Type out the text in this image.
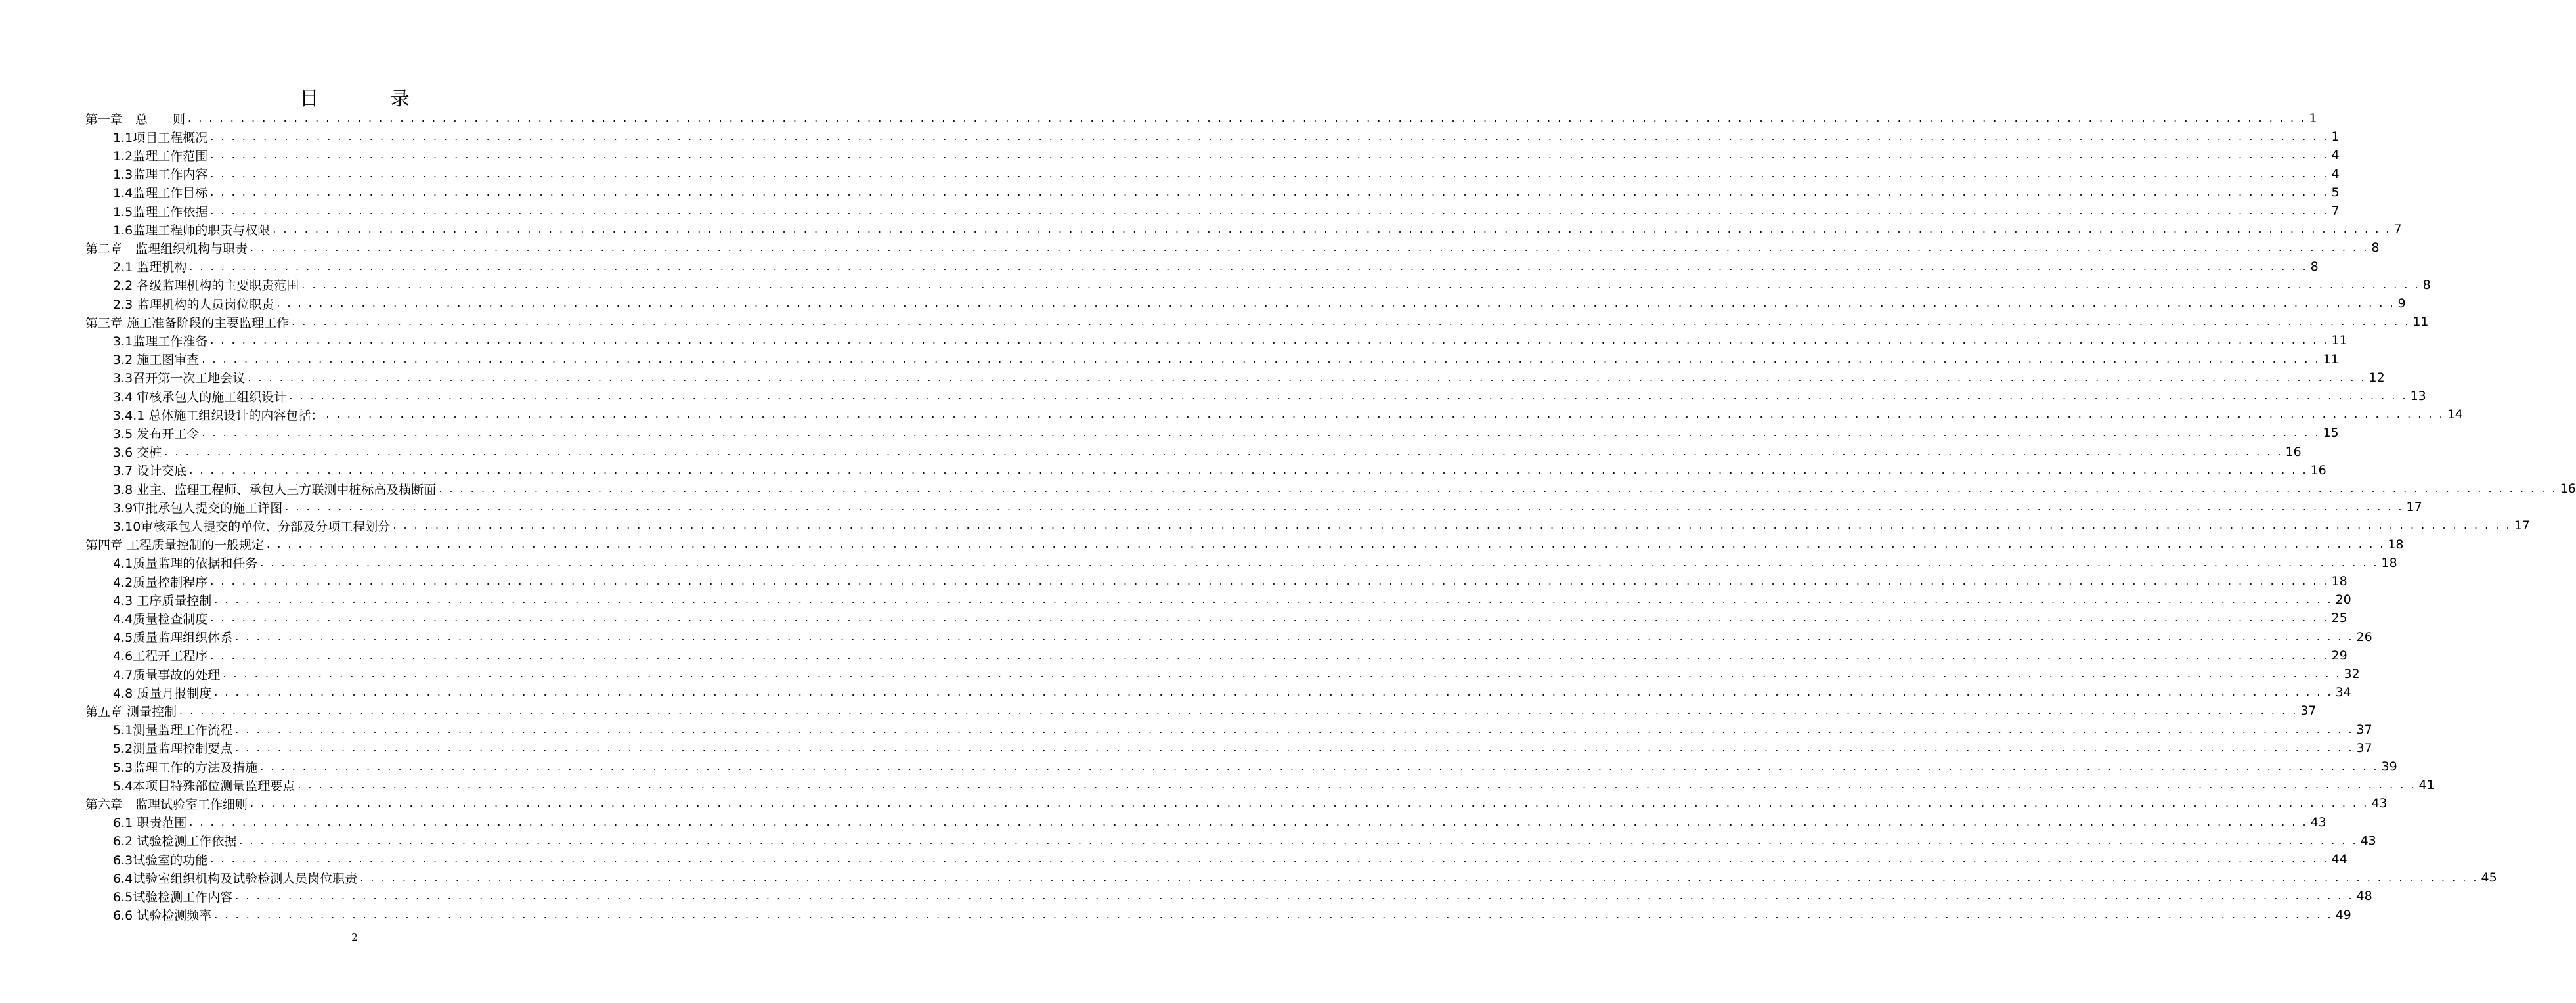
目 录
第一章　总　　则 . . . . . . . . . . . . . . . . . . . . . . . . . . . . . . . . . . . . . . . . . . . . . . . . . . . . . . . . . . . . . . . . . . . . . . . . . . . . . . . . . . . . . . . . . . . . . . . . . . . . . . . . . . . . . . . . . . . . . . . . . . . . . . . . . . . . . . . . . . . . . . . . . . . . . . . . . . . . . . . . . . . . . . . . . . . . . . . . . . . . . . . . . . . . . . . . . . . . . . . . 1
1.1项目工程概况 . . . . . . . . . . . . . . . . . . . . . . . . . . . . . . . . . . . . . . . . . . . . . . . . . . . . . . . . . . . . . . . . . . . . . . . . . . . . . . . . . . . . . . . . . . . . . . . . . . . . . . . . . . . . . . . . . . . . . . . . . . . . . . . . . . . . . . . . . . . . . . . . . . . . . . . . . . . . . . . . . . . . . . . . . . . . . . . . . . . . . . . . . . . . . . . . . . . . . . . . 1
1.2监理工作范围 . . . . . . . . . . . . . . . . . . . . . . . . . . . . . . . . . . . . . . . . . . . . . . . . . . . . . . . . . . . . . . . . . . . . . . . . . . . . . . . . . . . . . . . . . . . . . . . . . . . . . . . . . . . . . . . . . . . . . . . . . . . . . . . . . . . . . . . . . . . . . . . . . . . . . . . . . . . . . . . . . . . . . . . . . . . . . . . . . . . . . . . . . . . . . . . . . . . . . . . . 4
1.3监理工作内容 . . . . . . . . . . . . . . . . . . . . . . . . . . . . . . . . . . . . . . . . . . . . . . . . . . . . . . . . . . . . . . . . . . . . . . . . . . . . . . . . . . . . . . . . . . . . . . . . . . . . . . . . . . . . . . . . . . . . . . . . . . . . . . . . . . . . . . . . . . . . . . . . . . . . . . . . . . . . . . . . . . . . . . . . . . . . . . . . . . . . . . . . . . . . . . . . . . . . . . . . 4
1.4监理工作目标 . . . . . . . . . . . . . . . . . . . . . . . . . . . . . . . . . . . . . . . . . . . . . . . . . . . . . . . . . . . . . . . . . . . . . . . . . . . . . . . . . . . . . . . . . . . . . . . . . . . . . . . . . . . . . . . . . . . . . . . . . . . . . . . . . . . . . . . . . . . . . . . . . . . . . . . . . . . . . . . . . . . . . . . . . . . . . . . . . . . . . . . . . . . . . . . . . . . . . . . . 5
1.5监理工作依据 . . . . . . . . . . . . . . . . . . . . . . . . . . . . . . . . . . . . . . . . . . . . . . . . . . . . . . . . . . . . . . . . . . . . . . . . . . . . . . . . . . . . . . . . . . . . . . . . . . . . . . . . . . . . . . . . . . . . . . . . . . . . . . . . . . . . . . . . . . . . . . . . . . . . . . . . . . . . . . . . . . . . . . . . . . . . . . . . . . . . . . . . . . . . . . . . . . . . . . . . 7
1.6监理工程师的职责与权限 . . . . . . . . . . . . . . . . . . . . . . . . . . . . . . . . . . . . . . . . . . . . . . . . . . . . . . . . . . . . . . . . . . . . . . . . . . . . . . . . . . . . . . . . . . . . . . . . . . . . . . . . . . . . . . . . . . . . . . . . . . . . . . . . . . . . . . . . . . . . . . . . . . . . . . . . . . . . . . . . . . . . . . . . . . . . . . . . . . . . . . . . . . . . . . . . . . . . . . . . 7
第二章　监理组织机构与职责 . . . . . . . . . . . . . . . . . . . . . . . . . . . . . . . . . . . . . . . . . . . . . . . . . . . . . . . . . . . . . . . . . . . . . . . . . . . . . . . . . . . . . . . . . . . . . . . . . . . . . . . . . . . . . . . . . . . . . . . . . . . . . . . . . . . . . . . . . . . . . . . . . . . . . . . . . . . . . . . . . . . . . . . . . . . . . . . . . . . . . . . . . . . . . . . . . . . . . . . . 8
2.1 监理机构 . . . . . . . . . . . . . . . . . . . . . . . . . . . . . . . . . . . . . . . . . . . . . . . . . . . . . . . . . . . . . . . . . . . . . . . . . . . . . . . . . . . . . . . . . . . . . . . . . . . . . . . . . . . . . . . . . . . . . . . . . . . . . . . . . . . . . . . . . . . . . . . . . . . . . . . . . . . . . . . . . . . . . . . . . . . . . . . . . . . . . . . . . . . . . . . . . . . . . . . . 8
2.2 各级监理机构的主要职责范围 . . . . . . . . . . . . . . . . . . . . . . . . . . . . . . . . . . . . . . . . . . . . . . . . . . . . . . . . . . . . . . . . . . . . . . . . . . . . . . . . . . . . . . . . . . . . . . . . . . . . . . . . . . . . . . . . . . . . . . . . . . . . . . . . . . . . . . . . . . . . . . . . . . . . . . . . . . . . . . . . . . . . . . . . . . . . . . . . . . . . . . . . . . . . . . . . . . . . . . . . 8
2.3 监理机构的人员岗位职责 . . . . . . . . . . . . . . . . . . . . . . . . . . . . . . . . . . . . . . . . . . . . . . . . . . . . . . . . . . . . . . . . . . . . . . . . . . . . . . . . . . . . . . . . . . . . . . . . . . . . . . . . . . . . . . . . . . . . . . . . . . . . . . . . . . . . . . . . . . . . . . . . . . . . . . . . . . . . . . . . . . . . . . . . . . . . . . . . . . . . . . . . . . . . . . . . . . . . . . . . 9
第三章 施工准备阶段的主要监理工作 . . . . . . . . . . . . . . . . . . . . . . . . . . . . . . . . . . . . . . . . . . . . . . . . . . . . . . . . . . . . . . . . . . . . . . . . . . . . . . . . . . . . . . . . . . . . . . . . . . . . . . . . . . . . . . . . . . . . . . . . . . . . . . . . . . . . . . . . . . . . . . . . . . . . . . . . . . . . . . . . . . . . . . . . . . . . . . . . . . . . . . . . . . . . . . . . . . . . . . . . 11
3.1监理工作准备 . . . . . . . . . . . . . . . . . . . . . . . . . . . . . . . . . . . . . . . . . . . . . . . . . . . . . . . . . . . . . . . . . . . . . . . . . . . . . . . . . . . . . . . . . . . . . . . . . . . . . . . . . . . . . . . . . . . . . . . . . . . . . . . . . . . . . . . . . . . . . . . . . . . . . . . . . . . . . . . . . . . . . . . . . . . . . . . . . . . . . . . . . . . . . . . . . . . . . . . . 11
3.2 施工图审查 . . . . . . . . . . . . . . . . . . . . . . . . . . . . . . . . . . . . . . . . . . . . . . . . . . . . . . . . . . . . . . . . . . . . . . . . . . . . . . . . . . . . . . . . . . . . . . . . . . . . . . . . . . . . . . . . . . . . . . . . . . . . . . . . . . . . . . . . . . . . . . . . . . . . . . . . . . . . . . . . . . . . . . . . . . . . . . . . . . . . . . . . . . . . . . . . . . . . . . . . 11
3.3召开第一次工地会议 . . . . . . . . . . . . . . . . . . . . . . . . . . . . . . . . . . . . . . . . . . . . . . . . . . . . . . . . . . . . . . . . . . . . . . . . . . . . . . . . . . . . . . . . . . . . . . . . . . . . . . . . . . . . . . . . . . . . . . . . . . . . . . . . . . . . . . . . . . . . . . . . . . . . . . . . . . . . . . . . . . . . . . . . . . . . . . . . . . . . . . . . . . . . . . . . . . . . . . . . 12
3.4 审核承包人的施工组织设计 . . . . . . . . . . . . . . . . . . . . . . . . . . . . . . . . . . . . . . . . . . . . . . . . . . . . . . . . . . . . . . . . . . . . . . . . . . . . . . . . . . . . . . . . . . . . . . . . . . . . . . . . . . . . . . . . . . . . . . . . . . . . . . . . . . . . . . . . . . . . . . . . . . . . . . . . . . . . . . . . . . . . . . . . . . . . . . . . . . . . . . . . . . . . . . . . . . . . . . . . 13
3.4.1 总体施工组织设计的内容包括： . . . . . . . . . . . . . . . . . . . . . . . . . . . . . . . . . . . . . . . . . . . . . . . . . . . . . . . . . . . . . . . . . . . . . . . . . . . . . . . . . . . . . . . . . . . . . . . . . . . . . . . . . . . . . . . . . . . . . . . . . . . . . . . . . . . . . . . . . . . . . . . . . . . . . . . . . . . . . . . . . . . . . . . . . . . . . . . . . . . . . . . . . . . . . . . . . . . . . . . . 14
3.5 发布开工令 . . . . . . . . . . . . . . . . . . . . . . . . . . . . . . . . . . . . . . . . . . . . . . . . . . . . . . . . . . . . . . . . . . . . . . . . . . . . . . . . . . . . . . . . . . . . . . . . . . . . . . . . . . . . . . . . . . . . . . . . . . . . . . . . . . . . . . . . . . . . . . . . . . . . . . . . . . . . . . . . . . . . . . . . . . . . . . . . . . . . . . . . . . . . . . . . . . . . . . . . 15
3.6 交桩 . . . . . . . . . . . . . . . . . . . . . . . . . . . . . . . . . . . . . . . . . . . . . . . . . . . . . . . . . . . . . . . . . . . . . . . . . . . . . . . . . . . . . . . . . . . . . . . . . . . . . . . . . . . . . . . . . . . . . . . . . . . . . . . . . . . . . . . . . . . . . . . . . . . . . . . . . . . . . . . . . . . . . . . . . . . . . . . . . . . . . . . . . . . . . . . . . . . . . . . . 16
3.7 设计交底 . . . . . . . . . . . . . . . . . . . . . . . . . . . . . . . . . . . . . . . . . . . . . . . . . . . . . . . . . . . . . . . . . . . . . . . . . . . . . . . . . . . . . . . . . . . . . . . . . . . . . . . . . . . . . . . . . . . . . . . . . . . . . . . . . . . . . . . . . . . . . . . . . . . . . . . . . . . . . . . . . . . . . . . . . . . . . . . . . . . . . . . . . . . . . . . . . . . . . . . . 16
3.8 业主、监理工程师、承包人三方联测中桩标高及横断面 . . . . . . . . . . . . . . . . . . . . . . . . . . . . . . . . . . . . . . . . . . . . . . . . . . . . . . . . . . . . . . . . . . . . . . . . . . . . . . . . . . . . . . . . . . . . . . . . . . . . . . . . . . . . . . . . . . . . . . . . . . . . . . . . . . . . . . . . . . . . . . . . . . . . . . . . . . . . . . . . . . . . . . . . . . . . . . . . . . . . . . . . . . . . . . . . . . . . . . . . 16
3.9审批承包人提交的施工详图 . . . . . . . . . . . . . . . . . . . . . . . . . . . . . . . . . . . . . . . . . . . . . . . . . . . . . . . . . . . . . . . . . . . . . . . . . . . . . . . . . . . . . . . . . . . . . . . . . . . . . . . . . . . . . . . . . . . . . . . . . . . . . . . . . . . . . . . . . . . . . . . . . . . . . . . . . . . . . . . . . . . . . . . . . . . . . . . . . . . . . . . . . . . . . . . . . . . . . . . . 17
3.10审核承包人提交的单位、分部及分项工程划分 . . . . . . . . . . . . . . . . . . . . . . . . . . . . . . . . . . . . . . . . . . . . . . . . . . . . . . . . . . . . . . . . . . . . . . . . . . . . . . . . . . . . . . . . . . . . . . . . . . . . . . . . . . . . . . . . . . . . . . . . . . . . . . . . . . . . . . . . . . . . . . . . . . . . . . . . . . . . . . . . . . . . . . . . . . . . . . . . . . . . . . . . . . . . . . . . . . . . . . . . 17
第四章 工程质量控制的一般规定 . . . . . . . . . . . . . . . . . . . . . . . . . . . . . . . . . . . . . . . . . . . . . . . . . . . . . . . . . . . . . . . . . . . . . . . . . . . . . . . . . . . . . . . . . . . . . . . . . . . . . . . . . . . . . . . . . . . . . . . . . . . . . . . . . . . . . . . . . . . . . . . . . . . . . . . . . . . . . . . . . . . . . . . . . . . . . . . . . . . . . . . . . . . . . . . . . . . . . . . . 18
4.1质量监理的依据和任务 . . . . . . . . . . . . . . . . . . . . . . . . . . . . . . . . . . . . . . . . . . . . . . . . . . . . . . . . . . . . . . . . . . . . . . . . . . . . . . . . . . . . . . . . . . . . . . . . . . . . . . . . . . . . . . . . . . . . . . . . . . . . . . . . . . . . . . . . . . . . . . . . . . . . . . . . . . . . . . . . . . . . . . . . . . . . . . . . . . . . . . . . . . . . . . . . . . . . . . . . 18
4.2质量控制程序 . . . . . . . . . . . . . . . . . . . . . . . . . . . . . . . . . . . . . . . . . . . . . . . . . . . . . . . . . . . . . . . . . . . . . . . . . . . . . . . . . . . . . . . . . . . . . . . . . . . . . . . . . . . . . . . . . . . . . . . . . . . . . . . . . . . . . . . . . . . . . . . . . . . . . . . . . . . . . . . . . . . . . . . . . . . . . . . . . . . . . . . . . . . . . . . . . . . . . . . . 18
4.3 工序质量控制 . . . . . . . . . . . . . . . . . . . . . . . . . . . . . . . . . . . . . . . . . . . . . . . . . . . . . . . . . . . . . . . . . . . . . . . . . . . . . . . . . . . . . . . . . . . . . . . . . . . . . . . . . . . . . . . . . . . . . . . . . . . . . . . . . . . . . . . . . . . . . . . . . . . . . . . . . . . . . . . . . . . . . . . . . . . . . . . . . . . . . . . . . . . . . . . . . . . . . . . . 20
4.4质量检查制度 . . . . . . . . . . . . . . . . . . . . . . . . . . . . . . . . . . . . . . . . . . . . . . . . . . . . . . . . . . . . . . . . . . . . . . . . . . . . . . . . . . . . . . . . . . . . . . . . . . . . . . . . . . . . . . . . . . . . . . . . . . . . . . . . . . . . . . . . . . . . . . . . . . . . . . . . . . . . . . . . . . . . . . . . . . . . . . . . . . . . . . . . . . . . . . . . . . . . . . . . 25
4.5质量监理组织体系 . . . . . . . . . . . . . . . . . . . . . . . . . . . . . . . . . . . . . . . . . . . . . . . . . . . . . . . . . . . . . . . . . . . . . . . . . . . . . . . . . . . . . . . . . . . . . . . . . . . . . . . . . . . . . . . . . . . . . . . . . . . . . . . . . . . . . . . . . . . . . . . . . . . . . . . . . . . . . . . . . . . . . . . . . . . . . . . . . . . . . . . . . . . . . . . . . . . . . . . . 26
4.6工程开工程序 . . . . . . . . . . . . . . . . . . . . . . . . . . . . . . . . . . . . . . . . . . . . . . . . . . . . . . . . . . . . . . . . . . . . . . . . . . . . . . . . . . . . . . . . . . . . . . . . . . . . . . . . . . . . . . . . . . . . . . . . . . . . . . . . . . . . . . . . . . . . . . . . . . . . . . . . . . . . . . . . . . . . . . . . . . . . . . . . . . . . . . . . . . . . . . . . . . . . . . . . 29
4.7质量事故的处理 . . . . . . . . . . . . . . . . . . . . . . . . . . . . . . . . . . . . . . . . . . . . . . . . . . . . . . . . . . . . . . . . . . . . . . . . . . . . . . . . . . . . . . . . . . . . . . . . . . . . . . . . . . . . . . . . . . . . . . . . . . . . . . . . . . . . . . . . . . . . . . . . . . . . . . . . . . . . . . . . . . . . . . . . . . . . . . . . . . . . . . . . . . . . . . . . . . . . . . . . 32
4.8 质量月报制度 . . . . . . . . . . . . . . . . . . . . . . . . . . . . . . . . . . . . . . . . . . . . . . . . . . . . . . . . . . . . . . . . . . . . . . . . . . . . . . . . . . . . . . . . . . . . . . . . . . . . . . . . . . . . . . . . . . . . . . . . . . . . . . . . . . . . . . . . . . . . . . . . . . . . . . . . . . . . . . . . . . . . . . . . . . . . . . . . . . . . . . . . . . . . . . . . . . . . . . . . 34
第五章 测量控制 . . . . . . . . . . . . . . . . . . . . . . . . . . . . . . . . . . . . . . . . . . . . . . . . . . . . . . . . . . . . . . . . . . . . . . . . . . . . . . . . . . . . . . . . . . . . . . . . . . . . . . . . . . . . . . . . . . . . . . . . . . . . . . . . . . . . . . . . . . . . . . . . . . . . . . . . . . . . . . . . . . . . . . . . . . . . . . . . . . . . . . . . . . . . . . . . . . . . . . . . 37
5.1测量监理工作流程 . . . . . . . . . . . . . . . . . . . . . . . . . . . . . . . . . . . . . . . . . . . . . . . . . . . . . . . . . . . . . . . . . . . . . . . . . . . . . . . . . . . . . . . . . . . . . . . . . . . . . . . . . . . . . . . . . . . . . . . . . . . . . . . . . . . . . . . . . . . . . . . . . . . . . . . . . . . . . . . . . . . . . . . . . . . . . . . . . . . . . . . . . . . . . . . . . . . . . . . . 37
5.2测量监理控制要点 . . . . . . . . . . . . . . . . . . . . . . . . . . . . . . . . . . . . . . . . . . . . . . . . . . . . . . . . . . . . . . . . . . . . . . . . . . . . . . . . . . . . . . . . . . . . . . . . . . . . . . . . . . . . . . . . . . . . . . . . . . . . . . . . . . . . . . . . . . . . . . . . . . . . . . . . . . . . . . . . . . . . . . . . . . . . . . . . . . . . . . . . . . . . . . . . . . . . . . . . 37
5.3监理工作的方法及措施 . . . . . . . . . . . . . . . . . . . . . . . . . . . . . . . . . . . . . . . . . . . . . . . . . . . . . . . . . . . . . . . . . . . . . . . . . . . . . . . . . . . . . . . . . . . . . . . . . . . . . . . . . . . . . . . . . . . . . . . . . . . . . . . . . . . . . . . . . . . . . . . . . . . . . . . . . . . . . . . . . . . . . . . . . . . . . . . . . . . . . . . . . . . . . . . . . . . . . . . . 39
5.4本项目特殊部位测量监理要点 . . . . . . . . . . . . . . . . . . . . . . . . . . . . . . . . . . . . . . . . . . . . . . . . . . . . . . . . . . . . . . . . . . . . . . . . . . . . . . . . . . . . . . . . . . . . . . . . . . . . . . . . . . . . . . . . . . . . . . . . . . . . . . . . . . . . . . . . . . . . . . . . . . . . . . . . . . . . . . . . . . . . . . . . . . . . . . . . . . . . . . . . . . . . . . . . . . . . . . . . 41
第六章　监理试验室工作细则 . . . . . . . . . . . . . . . . . . . . . . . . . . . . . . . . . . . . . . . . . . . . . . . . . . . . . . . . . . . . . . . . . . . . . . . . . . . . . . . . . . . . . . . . . . . . . . . . . . . . . . . . . . . . . . . . . . . . . . . . . . . . . . . . . . . . . . . . . . . . . . . . . . . . . . . . . . . . . . . . . . . . . . . . . . . . . . . . . . . . . . . . . . . . . . . . . . . . . . . . 43
6.1 职责范围 . . . . . . . . . . . . . . . . . . . . . . . . . . . . . . . . . . . . . . . . . . . . . . . . . . . . . . . . . . . . . . . . . . . . . . . . . . . . . . . . . . . . . . . . . . . . . . . . . . . . . . . . . . . . . . . . . . . . . . . . . . . . . . . . . . . . . . . . . . . . . . . . . . . . . . . . . . . . . . . . . . . . . . . . . . . . . . . . . . . . . . . . . . . . . . . . . . . . . . . . 43
6.2 试验检测工作依据 . . . . . . . . . . . . . . . . . . . . . . . . . . . . . . . . . . . . . . . . . . . . . . . . . . . . . . . . . . . . . . . . . . . . . . . . . . . . . . . . . . . . . . . . . . . . . . . . . . . . . . . . . . . . . . . . . . . . . . . . . . . . . . . . . . . . . . . . . . . . . . . . . . . . . . . . . . . . . . . . . . . . . . . . . . . . . . . . . . . . . . . . . . . . . . . . . . . . . . . . 43
6.3试验室的功能 . . . . . . . . . . . . . . . . . . . . . . . . . . . . . . . . . . . . . . . . . . . . . . . . . . . . . . . . . . . . . . . . . . . . . . . . . . . . . . . . . . . . . . . . . . . . . . . . . . . . . . . . . . . . . . . . . . . . . . . . . . . . . . . . . . . . . . . . . . . . . . . . . . . . . . . . . . . . . . . . . . . . . . . . . . . . . . . . . . . . . . . . . . . . . . . . . . . . . . . . 44
6.4试验室组织机构及试验检测人员岗位职责 . . . . . . . . . . . . . . . . . . . . . . . . . . . . . . . . . . . . . . . . . . . . . . . . . . . . . . . . . . . . . . . . . . . . . . . . . . . . . . . . . . . . . . . . . . . . . . . . . . . . . . . . . . . . . . . . . . . . . . . . . . . . . . . . . . . . . . . . . . . . . . . . . . . . . . . . . . . . . . . . . . . . . . . . . . . . . . . . . . . . . . . . . . . . . . . . . . . . . . . . 45
6.5试验检测工作内容 . . . . . . . . . . . . . . . . . . . . . . . . . . . . . . . . . . . . . . . . . . . . . . . . . . . . . . . . . . . . . . . . . . . . . . . . . . . . . . . . . . . . . . . . . . . . . . . . . . . . . . . . . . . . . . . . . . . . . . . . . . . . . . . . . . . . . . . . . . . . . . . . . . . . . . . . . . . . . . . . . . . . . . . . . . . . . . . . . . . . . . . . . . . . . . . . . . . . . . . . 48
6.6 试验检测频率 . . . . . . . . . . . . . . . . . . . . . . . . . . . . . . . . . . . . . . . . . . . . . . . . . . . . . . . . . . . . . . . . . . . . . . . . . . . . . . . . . . . . . . . . . . . . . . . . . . . . . . . . . . . . . . . . . . . . . . . . . . . . . . . . . . . . . . . . . . . . . . . . . . . . . . . . . . . . . . . . . . . . . . . . . . . . . . . . . . . . . . . . . . . . . . . . . . . . . . . . 49
2
